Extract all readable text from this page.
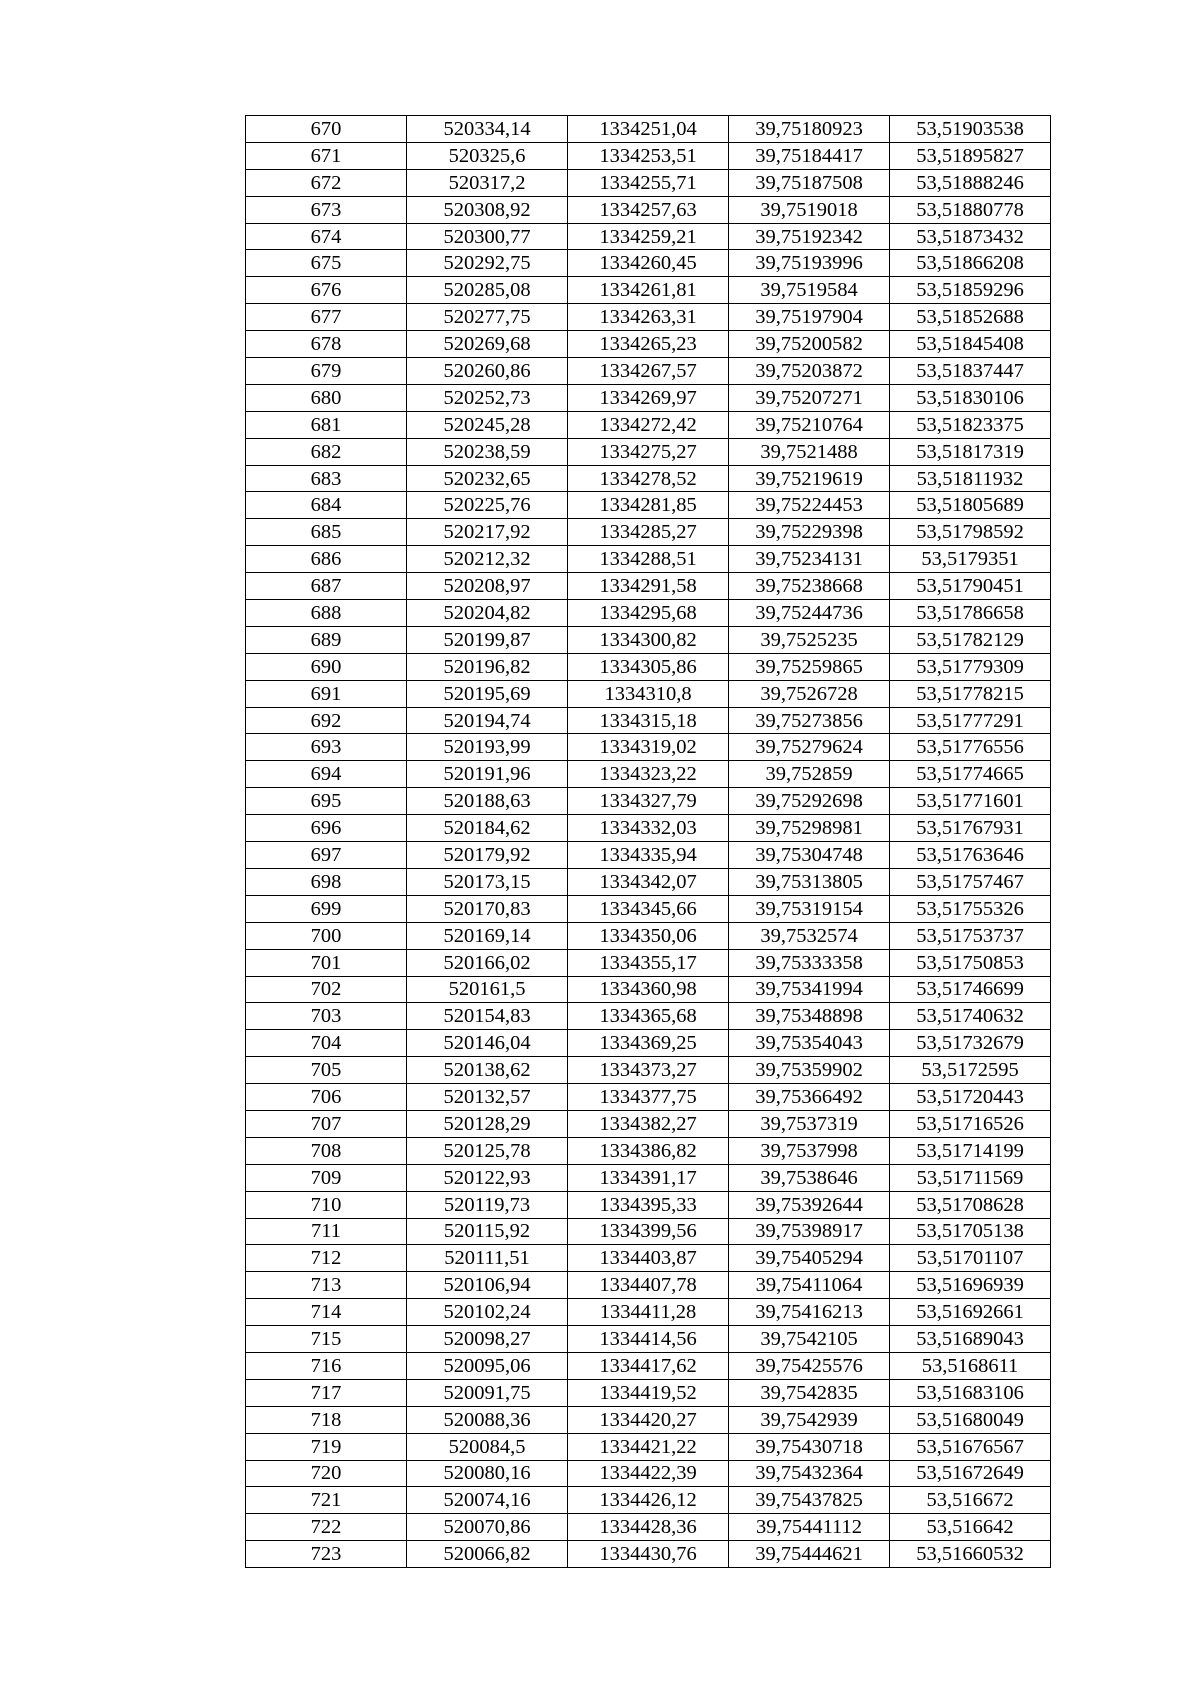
670	520334,14	1334251,04	39,75180923	53,51903538
671	520325,6	1334253,51	39,75184417	53,51895827
672	520317,2	1334255,71	39,75187508	53,51888246
673	520308,92	1334257,63	39,7519018	53,51880778
674	520300,77	1334259,21	39,75192342	53,51873432
675	520292,75	1334260,45	39,75193996	53,51866208
676	520285,08	1334261,81	39,7519584	53,51859296
677	520277,75	1334263,31	39,75197904	53,51852688
678	520269,68	1334265,23	39,75200582	53,51845408
679	520260,86	1334267,57	39,75203872	53,51837447
680	520252,73	1334269,97	39,75207271	53,51830106
681	520245,28	1334272,42	39,75210764	53,51823375
682	520238,59	1334275,27	39,7521488	53,51817319
683	520232,65	1334278,52	39,75219619	53,51811932
684	520225,76	1334281,85	39,75224453	53,51805689
685	520217,92	1334285,27	39,75229398	53,51798592
686	520212,32	1334288,51	39,75234131	53,5179351
687	520208,97	1334291,58	39,75238668	53,51790451
688	520204,82	1334295,68	39,75244736	53,51786658
689	520199,87	1334300,82	39,7525235	53,51782129
690	520196,82	1334305,86	39,75259865	53,51779309
691	520195,69	1334310,8	39,7526728	53,51778215
692	520194,74	1334315,18	39,75273856	53,51777291
693	520193,99	1334319,02	39,75279624	53,51776556
694	520191,96	1334323,22	39,752859	53,51774665
695	520188,63	1334327,79	39,75292698	53,51771601
696	520184,62	1334332,03	39,75298981	53,51767931
697	520179,92	1334335,94	39,75304748	53,51763646
698	520173,15	1334342,07	39,75313805	53,51757467
699	520170,83	1334345,66	39,75319154	53,51755326
700	520169,14	1334350,06	39,7532574	53,51753737
701	520166,02	1334355,17	39,75333358	53,51750853
702	520161,5	1334360,98	39,75341994	53,51746699
703	520154,83	1334365,68	39,75348898	53,51740632
704	520146,04	1334369,25	39,75354043	53,51732679
705	520138,62	1334373,27	39,75359902	53,5172595
706	520132,57	1334377,75	39,75366492	53,51720443
707	520128,29	1334382,27	39,7537319	53,51716526
708	520125,78	1334386,82	39,7537998	53,51714199
709	520122,93	1334391,17	39,7538646	53,51711569
710	520119,73	1334395,33	39,75392644	53,51708628
711	520115,92	1334399,56	39,75398917	53,51705138
712	520111,51	1334403,87	39,75405294	53,51701107
713	520106,94	1334407,78	39,75411064	53,51696939
714	520102,24	1334411,28	39,75416213	53,51692661
715	520098,27	1334414,56	39,7542105	53,51689043
716	520095,06	1334417,62	39,75425576	53,5168611
717	520091,75	1334419,52	39,7542835	53,51683106
718	520088,36	1334420,27	39,7542939	53,51680049
719	520084,5	1334421,22	39,75430718	53,51676567
720	520080,16	1334422,39	39,75432364	53,51672649
721	520074,16	1334426,12	39,75437825	53,516672
722	520070,86	1334428,36	39,75441112	53,516642
723	520066,82	1334430,76	39,75444621	53,51660532
